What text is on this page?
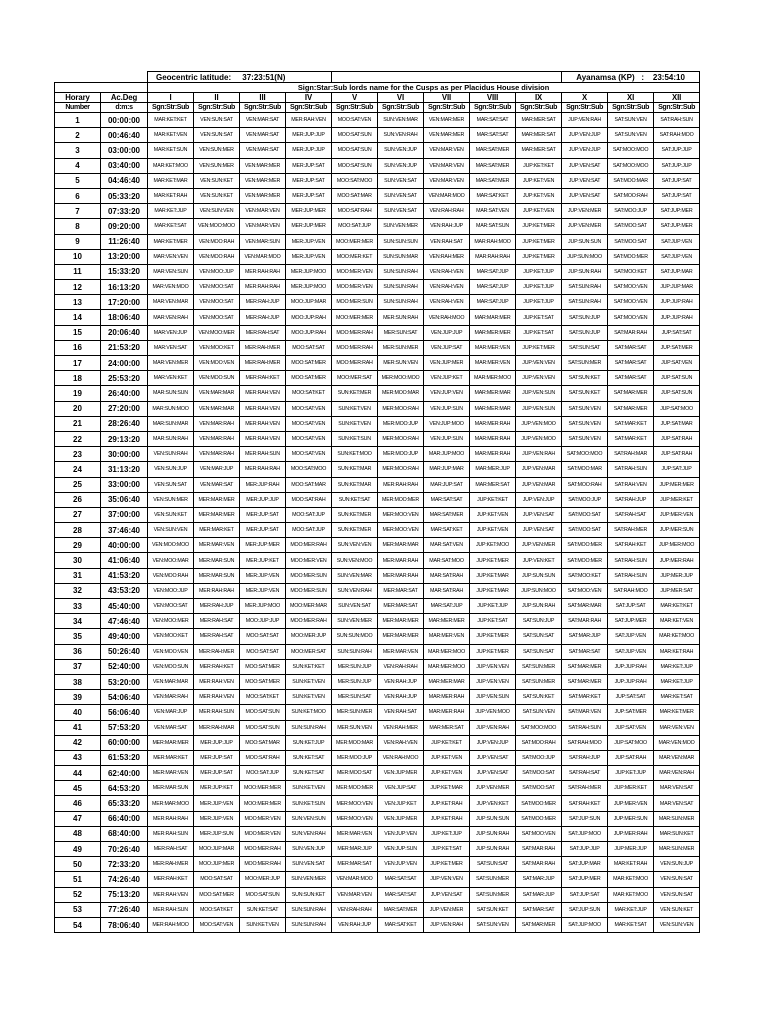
		Geocentric latitude: 37:23:51(N)									Ayanamsa (KP) : 23:54:10		
		Sign:Star:Sub lords name for the Cusps as per Placidus House division											
Horary	Ac.Deg	I	II	III	IV	V	VI	VII	VIII	IX	X	XI	XII
Number	d:m:s	Sgn:Str:Sub	Sgn:Str:Sub	Sgn:Str:Sub	Sgn:Str:Sub	Sgn:Str:Sub	Sgn:Str:Sub	Sgn:Str:Sub	Sgn:Str:Sub	Sgn:Str:Sub	Sgn:Str:Sub	Sgn:Str:Sub	Sgn:Str:Sub
1	00:00:00	MAR:KET:KET	VEN:SUN:SAT	VEN:MAR:SAT	MER:RAH:VEN	MOO:SAT:VEN	SUN:VEN:MAR	VEN:MAR:MER	MAR:SAT:SAT	MAR:MER:SAT	JUP:VEN:RAH	SAT:SUN:VEN	SAT:RAH:SUN
2	00:46:40	MAR:KET:VEN	VEN:SUN:SAT	VEN:MAR:SAT	MER:JUP:JUP	MOO:SAT:SUN	SUN:VEN:RAH	VEN:MAR:MER	MAR:SAT:SAT	MAR:MER:SAT	JUP:VEN:JUP	SAT:SUN:VEN	SAT:RAH:MOO
3	03:00:00	MAR:KET:SUN	VEN:SUN:MER	VEN:MAR:SAT	MER:JUP:JUP	MOO:SAT:SUN	SUN:VEN:JUP	VEN:MAR:VEN	MAR:SAT:MER	MAR:MER:SAT	JUP:VEN:JUP	SAT:MOO:MOO	SAT:JUP:JUP
4	03:40:00	MAR:KET:MOO	VEN:SUN:MER	VEN:MAR:MER	MER:JUP:SAT	MOO:SAT:SUN	SUN:VEN:JUP	VEN:MAR:VEN	MAR:SAT:MER	JUP:KET:KET	JUP:VEN:SAT	SAT:MOO:MOO	SAT:JUP:JUP
5	04:46:40	MAR:KET:MAR	VEN:SUN:KET	VEN:MAR:MER	MER:JUP:SAT	MOO:SAT:MOO	SUN:VEN:SAT	VEN:MAR:VEN	MAR:SAT:MER	JUP:KET:VEN	JUP:VEN:SAT	SAT:MOO:MAR	SAT:JUP:SAT
6	05:33:20	MAR:KET:RAH	VEN:SUN:KET	VEN:MAR:MER	MER:JUP:SAT	MOO:SAT:MAR	SUN:VEN:SAT	VEN:MAR:MOO	MAR:SAT:KET	JUP:KET:VEN	JUP:VEN:SAT	SAT:MOO:RAH	SAT:JUP:SAT
7	07:33:20	MAR:KET:JUP	VEN:SUN:VEN	VEN:MAR:VEN	MER:JUP:MER	MOO:SAT:RAH	SUN:VEN:SAT	VEN:RAH:RAH	MAR:SAT:VEN	JUP:KET:VEN	JUP:VEN:MER	SAT:MOO:JUP	SAT:JUP:MER
8	09:20:00	MAR:KET:SAT	VEN:MOO:MOO	VEN:MAR:VEN	MER:JUP:MER	MOO:SAT:JUP	SUN:VEN:MER	VEN:RAH:JUP	MAR:SAT:SUN	JUP:KET:MER	JUP:VEN:MER	SAT:MOO:SAT	SAT:JUP:MER
9	11:26:40	MAR:KET:MER	VEN:MOO:RAH	VEN:MAR:SUN	MER:JUP:VEN	MOO:MER:MER	SUN:SUN:SUN	VEN:RAH:SAT	MAR:RAH:MOO	JUP:KET:MER	JUP:SUN:SUN	SAT:MOO:SAT	SAT:JUP:VEN
10	13:20:00	MAR:VEN:VEN	VEN:MOO:RAH	VEN:MAR:MOO	MER:JUP:VEN	MOO:MER:KET	SUN:SUN:MAR	VEN:RAH:MER	MAR:RAH:RAH	JUP:KET:MER	JUP:SUN:MOO	SAT:MOO:MER	SAT:JUP:VEN
11	15:33:20	MAR:VEN:SUN	VEN:MOO:JUP	MER:RAH:RAH	MER:JUP:MOO	MOO:MER:VEN	SUN:SUN:RAH	VEN:RAH:VEN	MAR:SAT:JUP	JUP:KET:JUP	JUP:SUN:RAH	SAT:MOO:KET	SAT:JUP:MAR
12	16:13:20	MAR:VEN:MOO	VEN:MOO:SAT	MER:RAH:RAH	MER:JUP:MOO	MOO:MER:VEN	SUN:SUN:RAH	VEN:RAH:VEN	MAR:SAT:JUP	JUP:KET:JUP	SAT:SUN:RAH	SAT:MOO:VEN	JUP:JUP:MAR
13	17:20:00	MAR:VEN:MAR	VEN:MOO:SAT	MER:RAH:JUP	MOO:JUP:MAR	MOO:MER:SUN	SUN:SUN:RAH	VEN:RAH:VEN	MAR:SAT:JUP	JUP:KET:JUP	SAT:SUN:RAH	SAT:MOO:VEN	JUP:JUP:RAH
14	18:06:40	MAR:VEN:RAH	VEN:MOO:SAT	MER:RAH:JUP	MOO:JUP:RAH	MOO:MER:MER	MER:SUN:RAH	VEN:RAH:MOO	MAR:MAR:MER	JUP:KET:SAT	SAT:SUN:JUP	SAT:MOO:VEN	JUP:JUP:RAH
15	20:06:40	MAR:VEN:JUP	VEN:MOO:MER	MER:RAH:SAT	MOO:JUP:RAH	MOO:MER:RAH	MER:SUN:SAT	VEN:JUP:JUP	MAR:MER:MER	JUP:KET:SAT	SAT:SUN:JUP	SAT:MAR:RAH	JUP:SAT:SAT
16	21:53:20	MAR:VEN:SAT	VEN:MOO:KET	MER:RAH:MER	MOO:SAT:SAT	MOO:MER:RAH	MER:SUN:MER	VEN:JUP:SAT	MAR:MER:VEN	JUP:KET:MER	SAT:SUN:SAT	SAT:MAR:SAT	JUP:SAT:MER
17	24:00:00	MAR:VEN:MER	VEN:MOO:VEN	MER:RAH:MER	MOO:SAT:MER	MOO:MER:RAH	MER:SUN:VEN	VEN:JUP:MER	MAR:MER:VEN	JUP:VEN:VEN	SAT:SUN:MER	SAT:MAR:SAT	JUP:SAT:VEN
18	25:53:20	MAR:VEN:KET	VEN:MOO:SUN	MER:RAH:KET	MOO:SAT:MER	MOO:MER:SAT	MER:MOO:MOO	VEN:JUP:KET	MAR:MER:MOO	JUP:VEN:VEN	SAT:SUN:KET	SAT:MAR:SAT	JUP:SAT:SUN
19	26:40:00	MAR:SUN:SUN	VEN:MAR:MAR	MER:RAH:VEN	MOO:SAT:KET	SUN:KET:MER	MER:MOO:MAR	VEN:JUP:VEN	MAR:MER:MAR	JUP:VEN:SUN	SAT:SUN:KET	SAT:MAR:MER	JUP:SAT:SUN
20	27:20:00	MAR:SUN:MOO	VEN:MAR:MAR	MER:RAH:VEN	MOO:SAT:VEN	SUN:KET:VEN	MER:MOO:RAH	VEN:JUP:SUN	MAR:MER:MAR	JUP:VEN:SUN	SAT:SUN:VEN	SAT:MAR:MER	JUP:SAT:MOO
21	28:26:40	MAR:SUN:MAR	VEN:MAR:RAH	MER:RAH:VEN	MOO:SAT:VEN	SUN:KET:VEN	MER:MOO:JUP	VEN:JUP:MOO	MAR:MER:RAH	JUP:VEN:MOO	SAT:SUN:VEN	SAT:MAR:KET	JUP:SAT:MAR
22	29:13:20	MAR:SUN:RAH	VEN:MAR:RAH	MER:RAH:VEN	MOO:SAT:VEN	SUN:KET:SUN	MER:MOO:RAH	VEN:JUP:SUN	MAR:MER:RAH	JUP:VEN:MOO	SAT:SUN:VEN	SAT:MAR:KET	JUP:SAT:RAH
23	30:00:00	VEN:SUN:RAH	VEN:MAR:RAH	MER:RAH:SUN	MOO:SAT:VEN	SUN:KET:MOO	MER:MOO:JUP	MAR:JUP:MOO	MAR:MER:RAH	JUP:VEN:RAH	SAT:MOO:MOO	SAT:RAH:MAR	JUP:SAT:RAH
24	31:13:20	VEN:SUN:JUP	VEN:MAR:JUP	MER:RAH:RAH	MOO:SAT:MOO	SUN:KET:MAR	MER:MOO:RAH	MAR:JUP:MAR	MAR:MER:JUP	JUP:VEN:MAR	SAT:MOO:MAR	SAT:RAH:SUN	JUP:SAT:JUP
25	33:00:00	VEN:SUN:SAT	VEN:MAR:SAT	MER:JUP:RAH	MOO:SAT:MAR	SUN:KET:MAR	MER:RAH:RAH	MAR:JUP:SAT	MAR:MER:SAT	JUP:VEN:MAR	SAT:MOO:RAH	SAT:RAH:VEN	JUP:MER:MER
26	35:06:40	VEN:SUN:MER	MER:MAR:MER	MER:JUP:JUP	MOO:SAT:RAH	SUN:KET:SAT	MER:MOO:MER	MAR:SAT:SAT	JUP:KET:KET	JUP:VEN:JUP	SAT:MOO:JUP	SAT:RAH:JUP	JUP:MER:KET
27	37:00:00	VEN:SUN:KET	MER:MAR:MER	MER:JUP:SAT	MOO:SAT:JUP	SUN:KET:MER	MER:MOO:VEN	MAR:SAT:MER	JUP:KET:VEN	JUP:VEN:SAT	SAT:MOO:SAT	SAT:RAH:SAT	JUP:MER:VEN
28	37:46:40	VEN:SUN:VEN	MER:MAR:KET	MER:JUP:SAT	MOO:SAT:JUP	SUN:KET:MER	MER:MOO:VEN	MAR:SAT:KET	JUP:KET:VEN	JUP:VEN:SAT	SAT:MOO:SAT	SAT:RAH:MER	JUP:MER:SUN
29	40:00:00	VEN:MOO:MOO	MER:MAR:VEN	MER:JUP:MER	MOO:MER:RAH	SUN:VEN:VEN	MER:MAR:MAR	MAR:SAT:VEN	JUP:KET:MOO	JUP:VEN:MER	SAT:MOO:MER	SAT:RAH:KET	JUP:MER:MOO
30	41:06:40	VEN:MOO:MAR	MER:MAR:SUN	MER:JUP:KET	MOO:MER:VEN	SUN:VEN:MOO	MER:MAR:RAH	MAR:SAT:MOO	JUP:KET:MER	JUP:VEN:KET	SAT:MOO:MER	SAT:RAH:SUN	JUP:MER:RAH
31	41:53:20	VEN:MOO:RAH	MER:MAR:SUN	MER:JUP:VEN	MOO:MER:SUN	SUN:VEN:MAR	MER:MAR:RAH	MAR:SAT:RAH	JUP:KET:MAR	JUP:SUN:SUN	SAT:MOO:KET	SAT:RAH:SUN	JUP:MER:JUP
32	43:53:20	VEN:MOO:JUP	MER:RAH:RAH	MER:JUP:VEN	MOO:MER:SUN	SUN:VEN:RAH	MER:MAR:SAT	MAR:SAT:RAH	JUP:KET:MAR	JUP:SUN:MOO	SAT:MOO:VEN	SAT:RAH:MOO	JUP:MER:SAT
33	45:40:00	VEN:MOO:SAT	MER:RAH:JUP	MER:JUP:MOO	MOO:MER:MAR	SUN:VEN:SAT	MER:MAR:SAT	MAR:SAT:JUP	JUP:KET:JUP	JUP:SUN:RAH	SAT:MAR:MAR	SAT:JUP:SAT	MAR:KET:KET
34	47:46:40	VEN:MOO:MER	MER:RAH:SAT	MOO:JUP:JUP	MOO:MER:RAH	SUN:VEN:MER	MER:MAR:MER	MAR:MER:MER	JUP:KET:SAT	SAT:SUN:JUP	SAT:MAR:RAH	SAT:JUP:MER	MAR:KET:VEN
35	49:40:00	VEN:MOO:KET	MER:RAH:SAT	MOO:SAT:SAT	MOO:MER:JUP	SUN:SUN:MOO	MER:MAR:MER	MAR:MER:VEN	JUP:KET:MER	SAT:SUN:SAT	SAT:MAR:JUP	SAT:JUP:VEN	MAR:KET:MOO
36	50:26:40	VEN:MOO:VEN	MER:RAH:MER	MOO:SAT:SAT	MOO:MER:SAT	SUN:SUN:RAH	MER:MAR:VEN	MAR:MER:MOO	JUP:KET:MER	SAT:SUN:SAT	SAT:MAR:SAT	SAT:JUP:VEN	MAR:KET:RAH
37	52:40:00	VEN:MOO:SUN	MER:RAH:KET	MOO:SAT:MER	SUN:KET:KET	MER:SUN:JUP	VEN:RAH:RAH	MAR:MER:MOO	JUP:VEN:VEN	SAT:SUN:MER	SAT:MAR:MER	JUP:JUP:RAH	MAR:KET:JUP
38	53:20:00	VEN:MAR:MAR	MER:RAH:VEN	MOO:SAT:MER	SUN:KET:VEN	MER:SUN:JUP	VEN:RAH:JUP	MAR:MER:MAR	JUP:VEN:VEN	SAT:SUN:MER	SAT:MAR:MER	JUP:JUP:RAH	MAR:KET:JUP
39	54:06:40	VEN:MAR:RAH	MER:RAH:VEN	MOO:SAT:KET	SUN:KET:VEN	MER:SUN:SAT	VEN:RAH:JUP	MAR:MER:RAH	JUP:VEN:SUN	SAT:SUN:KET	SAT:MAR:KET	JUP:SAT:SAT	MAR:KET:SAT
40	56:06:40	VEN:MAR:JUP	MER:RAH:SUN	MOO:SAT:SUN	SUN:KET:MOO	MER:SUN:MER	VEN:RAH:SAT	MAR:MER:RAH	JUP:VEN:MOO	SAT:SUN:VEN	SAT:MAR:VEN	JUP:SAT:MER	MAR:KET:MER
41	57:53:20	VEN:MAR:SAT	MER:RAH:MAR	MOO:SAT:SUN	SUN:SUN:RAH	MER:SUN:VEN	VEN:RAH:MER	MAR:MER:SAT	JUP:VEN:RAH	SAT:MOO:MOO	SAT:RAH:SUN	JUP:SAT:VEN	MAR:VEN:VEN
42	60:00:00	MER:MAR:MER	MER:JUP:JUP	MOO:SAT:MAR	SUN:KET:JUP	MER:MOO:MAR	VEN:RAH:VEN	JUP:KET:KET	JUP:VEN:JUP	SAT:MOO:RAH	SAT:RAH:MOO	JUP:SAT:MOO	MAR:VEN:MOO
43	61:53:20	MER:MAR:KET	MER:JUP:SAT	MOO:SAT:RAH	SUN:KET:SAT	MER:MOO:JUP	VEN:RAH:MOO	JUP:KET:VEN	JUP:VEN:SAT	SAT:MOO:JUP	SAT:RAH:JUP	JUP:SAT:RAH	MAR:VEN:MAR
44	62:40:00	MER:MAR:VEN	MER:JUP:SAT	MOO:SAT:JUP	SUN:KET:SAT	MER:MOO:SAT	VEN:JUP:MER	JUP:KET:VEN	JUP:VEN:SAT	SAT:MOO:SAT	SAT:RAH:SAT	JUP:KET:JUP	MAR:VEN:RAH
45	64:53:20	MER:MAR:SUN	MER:JUP:KET	MOO:MER:MER	SUN:KET:VEN	MER:MOO:MER	VEN:JUP:SAT	JUP:KET:MAR	JUP:VEN:MER	SAT:MOO:SAT	SAT:RAH:MER	JUP:MER:KET	MAR:VEN:SAT
46	65:33:20	MER:MAR:MOO	MER:JUP:VEN	MOO:MER:MER	SUN:KET:SUN	MER:MOO:VEN	VEN:JUP:KET	JUP:KET:RAH	JUP:VEN:KET	SAT:MOO:MER	SAT:RAH:KET	JUP:MER:VEN	MAR:VEN:SAT
47	66:40:00	MER:RAH:RAH	MER:JUP:VEN	MOO:MER:VEN	SUN:VEN:SUN	MER:MOO:VEN	VEN:JUP:MER	JUP:KET:RAH	JUP:SUN:SUN	SAT:MOO:MER	SAT:JUP:SUN	JUP:MER:SUN	MAR:SUN:MER
48	68:40:00	MER:RAH:SUN	MER:JUP:SUN	MOO:MER:VEN	SUN:VEN:RAH	MER:MAR:VEN	VEN:JUP:VEN	JUP:KET:JUP	JUP:SUN:RAH	SAT:MOO:VEN	SAT:JUP:MOO	JUP:MER:RAH	MAR:SUN:KET
49	70:26:40	MER:RAH:SAT	MOO:JUP:MAR	MOO:MER:RAH	SUN:VEN:JUP	MER:MAR:JUP	VEN:JUP:SUN	JUP:KET:SAT	JUP:SUN:RAH	SAT:MAR:RAH	SAT:JUP:JUP	JUP:MER:JUP	MAR:SUN:MER
50	72:33:20	MER:RAH:MER	MOO:JUP:MER	MOO:MER:RAH	SUN:VEN:SAT	MER:MAR:SAT	VEN:JUP:VEN	JUP:KET:MER	SAT:SUN:SAT	SAT:MAR:RAH	SAT:JUP:MAR	MAR:KET:RAH	VEN:SUN:JUP
51	74:26:40	MER:RAH:KET	MOO:SAT:SAT	MOO:MER:JUP	SUN:VEN:MER	VEN:MAR:MOO	MAR:SAT:SAT	JUP:VEN:VEN	SAT:SUN:MER	SAT:MAR:JUP	SAT:JUP:MER	MAR:KET:MOO	VEN:SUN:SAT
52	75:13:20	MER:RAH:VEN	MOO:SAT:MER	MOO:SAT:SUN	SUN:SUN:KET	VEN:MAR:VEN	MAR:SAT:SAT	JUP:VEN:SAT	SAT:SUN:MER	SAT:MAR:JUP	SAT:JUP:SAT	MAR:KET:MOO	VEN:SUN:SAT
53	77:26:40	MER:RAH:SUN	MOO:SAT:KET	SUN:KET:SAT	SUN:SUN:RAH	VEN:RAH:RAH	MAR:SAT:MER	JUP:VEN:MER	SAT:SUN:KET	SAT:MAR:SAT	SAT:JUP:SUN	MAR:KET:JUP	VEN:SUN:KET
54	78:06:40	MER:RAH:MOO	MOO:SAT:VEN	SUN:KET:VEN	SUN:SUN:RAH	VEN:RAH:JUP	MAR:SAT:KET	JUP:VEN:RAH	SAT:SUN:VEN	SAT:MAR:MER	SAT:JUP:MOO	MAR:KET:SAT	VEN:SUN:VEN
